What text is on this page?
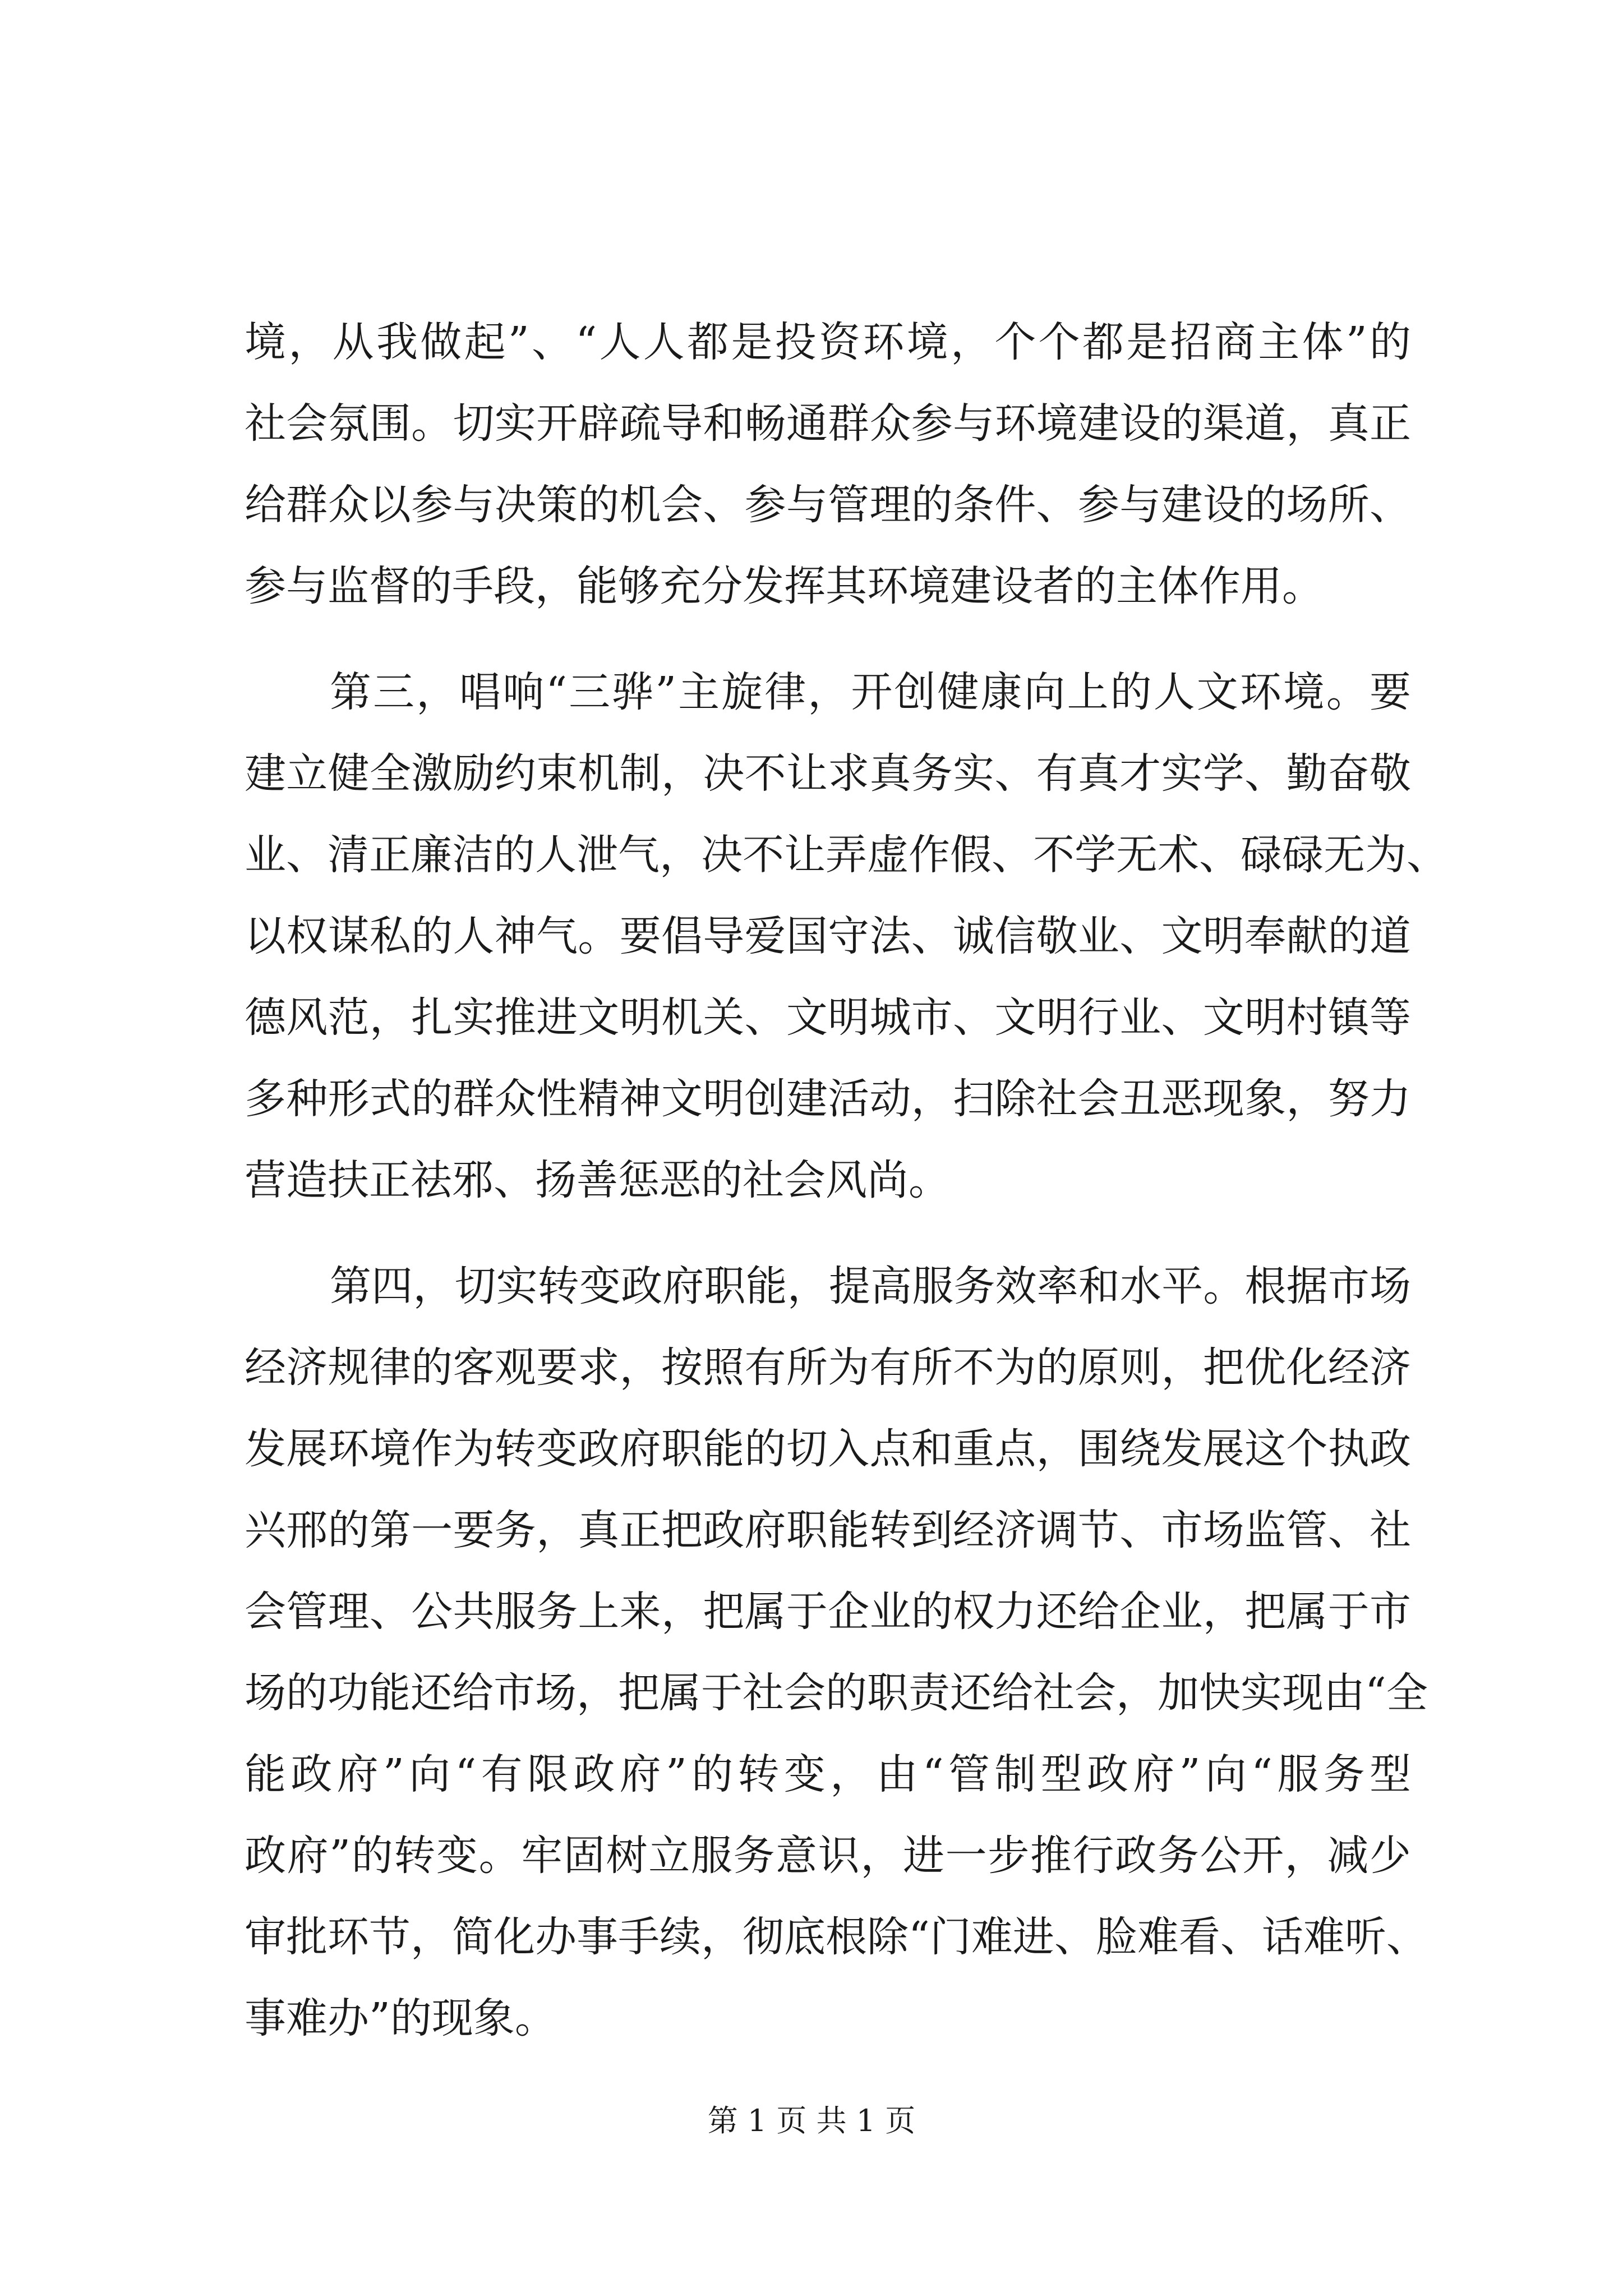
境，从我做起”、“人人都是投资环境，个个都是招商主体”的
社会氛围。切实开辟疏导和畅通群众参与环境建设的渠道，真正
给群众以参与决策的机会、参与管理的条件、参与建设的场所、
参与监督的手段，能够充分发挥其环境建设者的主体作用。
第三，唱响“三骅”主旋律，开创健康向上的人文环境。要
建立健全激励约束机制，决不让求真务实、有真才实学、勤奋敬
业、清正廉洁的人泄气，决不让弄虚作假、不学无术、碌碌无为、
以权谋私的人神气。要倡导爱国守法、诚信敬业、文明奉献的道
德风范，扎实推进文明机关、文明城市、文明行业、文明村镇等
多种形式的群众性精神文明创建活动，扫除社会丑恶现象，努力
营造扶正祛邪、扬善惩恶的社会风尚。
第四，切实转变政府职能，提高服务效率和水平。根据市场
经济规律的客观要求，按照有所为有所不为的原则，把优化经济
发展环境作为转变政府职能的切入点和重点，围绕发展这个执政
兴邢的第一要务，真正把政府职能转到经济调节、市场监管、社
会管理、公共服务上来，把属于企业的权力还给企业，把属于市
场的功能还给市场，把属于社会的职责还给社会，加快实现由“全
能政府”向“有限政府”的转变，由“管制型政府”向“服务型
政府”的转变。牢固树立服务意识，进一步推行政务公开，减少
审批环节，简化办事手续，彻底根除“门难进、脸难看、话难听、
事难办”的现象。
第 1 页 共 1 页
